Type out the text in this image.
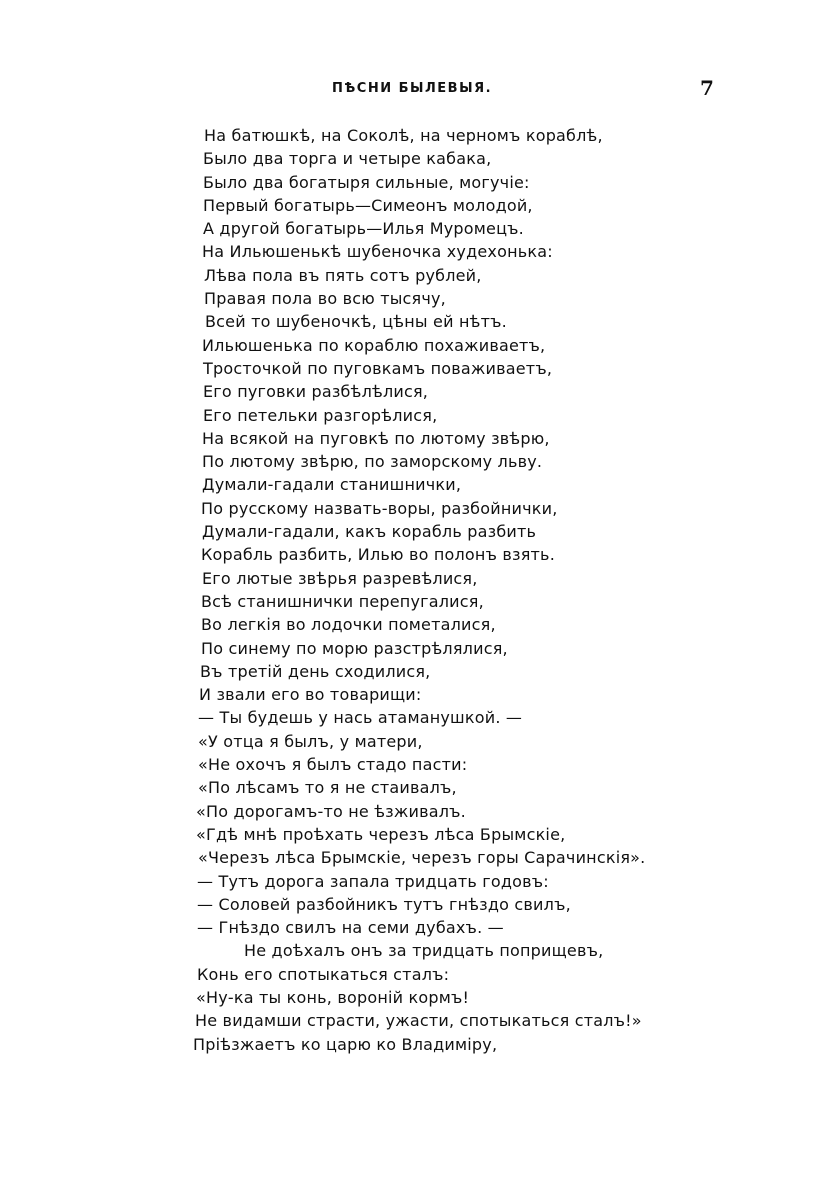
ПѢСНИ БЫЛЕВЫЯ.	7
На батюшкѣ, на Соколѣ, на черномъ кораблѣ,
Было два торга и четыре кабака,
Было два богатыря сильные, могучіе:
Первый богатырь—Симеонъ молодой,
А другой богатырь—Илья Муромецъ.
На Ильюшенькѣ шубеночка худехонька:
Лѣва пола въ пять сотъ рублей,
Правая пола во всю тысячу,
Всей то шубеночкѣ, цѣны ей нѣтъ.
Ильюшенька по кораблю похаживаетъ,
Тросточкой по пуговкамъ поваживаетъ,
Его пуговки разбѣлѣлися,
Его петельки разгорѣлися,
На всякой на пуговкѣ по лютому звѣрю,
По лютому звѣрю, по заморскому льву.
Думали-гадали станишнички,
По русскому назвать-воры, разбойнички,
Думали-гадали, какъ корабль разбить
Корабль разбить, Илью во полонъ взять.
Его лютые звѣрья разревѣлися,
Всѣ станишнички перепугалися,
Во легкія во лодочки пометалися,
По синему по морю разстрѣлялися,
Въ третій день сходилися,
И звали его во товарищи:
— Ты будешь у нась атаманушкой. —
«У отца я былъ, у матери,
«Не охочъ я былъ стадо пасти:
«По лѣсамъ то я не стаивалъ,
«По дорогамъ-то не ѣзживалъ.
«Гдѣ мнѣ проѣхать черезъ лѣса Брымскіе,
«Черезъ лѣса Брымскіе, черезъ горы Сарачинскія».
— Тутъ дорога запала тридцать годовъ:
— Соловей разбойникъ тутъ гнѣздо свилъ,
— Гнѣздо свилъ на семи дубахъ. —
Не доѣхалъ онъ за тридцать поприщевъ,
Конь его спотыкаться сталъ:
«Ну-ка ты конь, вороній кормъ!
Не видамши страсти, ужасти, спотыкаться сталъ!»
Пріѣзжаетъ ко царю ко Владиміру,
